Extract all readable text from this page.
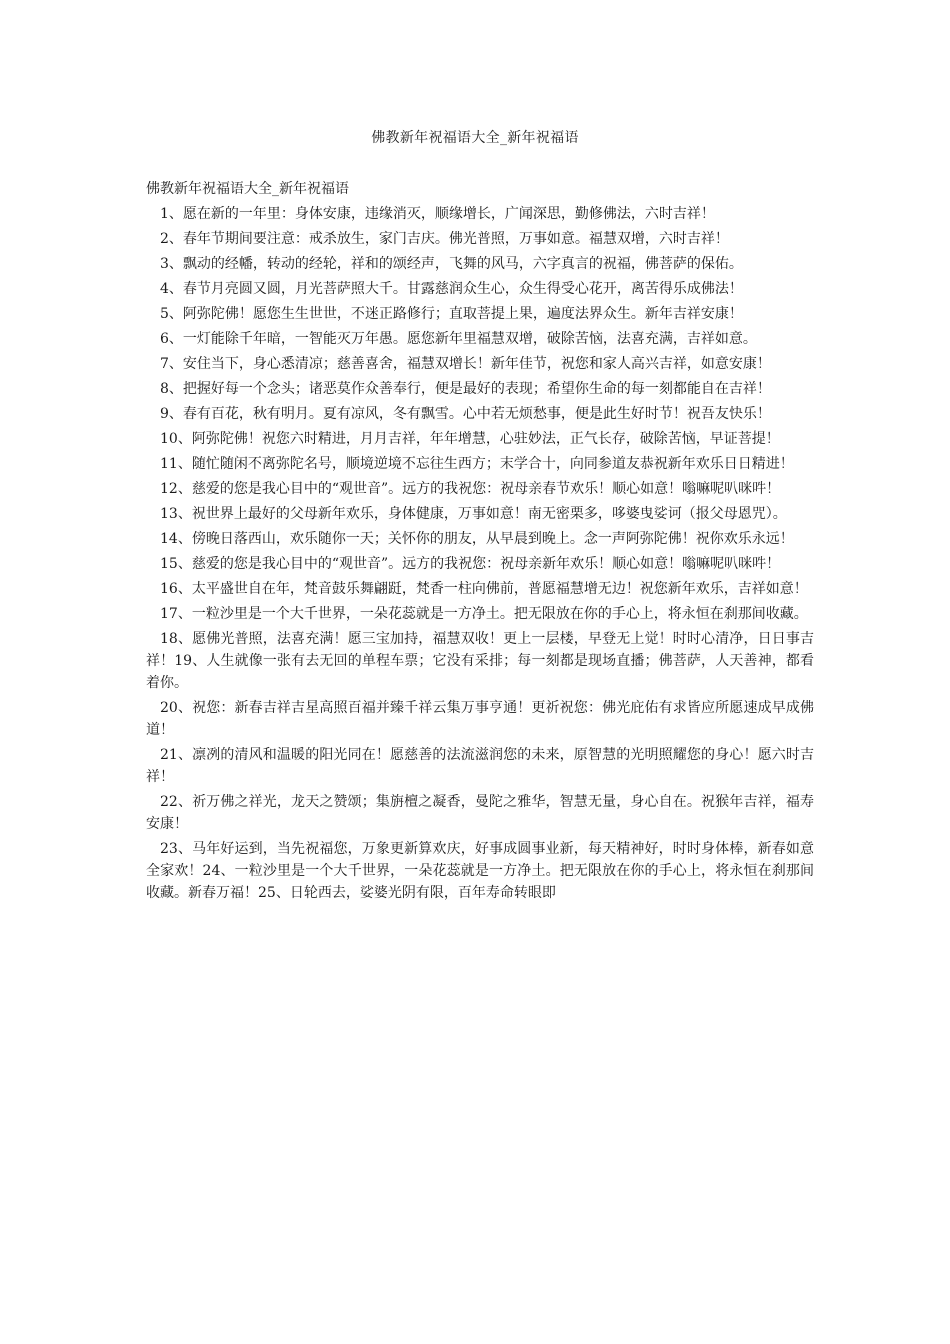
佛教新年祝福语大全_新年祝福语
佛教新年祝福语大全_新年祝福语

1、愿在新的一年里：身体安康，违缘消灭，顺缘增长，广闻深思，勤修佛法，六时吉祥！

2、春年节期间要注意：戒杀放生，家门吉庆。佛光普照，万事如意。福慧双增，六时吉祥！

3、飘动的经幡，转动的经轮，祥和的颂经声，飞舞的风马，六字真言的祝福，佛菩萨的保佑。

4、春节月亮圆又圆，月光菩萨照大千。甘露慈润众生心，众生得受心花开，离苦得乐成佛法！

5、阿弥陀佛！愿您生生世世，不迷正路修行；直取菩提上果，遍度法界众生。新年吉祥安康！

6、一灯能除千年暗，一智能灭万年愚。愿您新年里福慧双增，破除苦恼，法喜充满，吉祥如意。

7、安住当下，身心悉清凉；慈善喜舍，福慧双增长！新年佳节，祝您和家人高兴吉祥，如意安康！

8、把握好每一个念头；诸恶莫作众善奉行，便是最好的表现；希望你生命的每一刻都能自在吉祥！

9、春有百花，秋有明月。夏有凉风，冬有飘雪。心中若无烦愁事，便是此生好时节！祝吾友快乐！

10、阿弥陀佛！祝您六时精进，月月吉祥，年年增慧，心驻妙法，正气长存，破除苦恼，早证菩提！

11、随忙随闲不离弥陀名号，顺境逆境不忘往生西方；末学合十，向同参道友恭祝新年欢乐日日精进！

12、慈爱的您是我心目中的“观世音”。远方的我祝您：祝母亲春节欢乐！顺心如意！嗡嘛呢叭咪吽！

13、祝世界上最好的父母新年欢乐，身体健康，万事如意！南无密栗多，哆婆曳娑诃（报父母恩咒）。

14、傍晚日落西山，欢乐随你一天；关怀你的朋友，从早晨到晚上。念一声阿弥陀佛！祝你欢乐永远！

15、慈爱的您是我心目中的“观世音”。远方的我祝您：祝母亲新年欢乐！顺心如意！嗡嘛呢叭咪吽！

16、太平盛世自在年，梵音鼓乐舞翩跹，梵香一柱向佛前，普愿福慧增无边！祝您新年欢乐，吉祥如意！

17、一粒沙里是一个大千世界，一朵花蕊就是一方净土。把无限放在你的手心上，将永恒在刹那间收藏。

18、愿佛光普照，法喜充满！愿三宝加持，福慧双收！更上一层楼，早登无上觉！时时心清净，日日事吉祥！19、人生就像一张有去无回的单程车票；它没有采排；每一刻都是现场直播；佛菩萨，人天善神，都看着你。

20、祝您：新春吉祥吉星高照百福并臻千祥云集万事亨通！更祈祝您：佛光庇佑有求皆应所愿速成早成佛道！

21、凛冽的清风和温暖的阳光同在！愿慈善的法流滋润您的未来，原智慧的光明照耀您的身心！愿六时吉祥！

22、祈万佛之祥光，龙天之赞颂；集旃檀之凝香，曼陀之雅华，智慧无量，身心自在。祝猴年吉祥，福寿安康！

23、马年好运到，当先祝福您，万象更新算欢庆，好事成圆事业新，每天精神好，时时身体棒，新春如意全家欢！24、一粒沙里是一个大千世界，一朵花蕊就是一方净土。把无限放在你的手心上，将永恒在刹那间收藏。新春万福！25、日轮西去，娑婆光阴有限，百年寿命转眼即
